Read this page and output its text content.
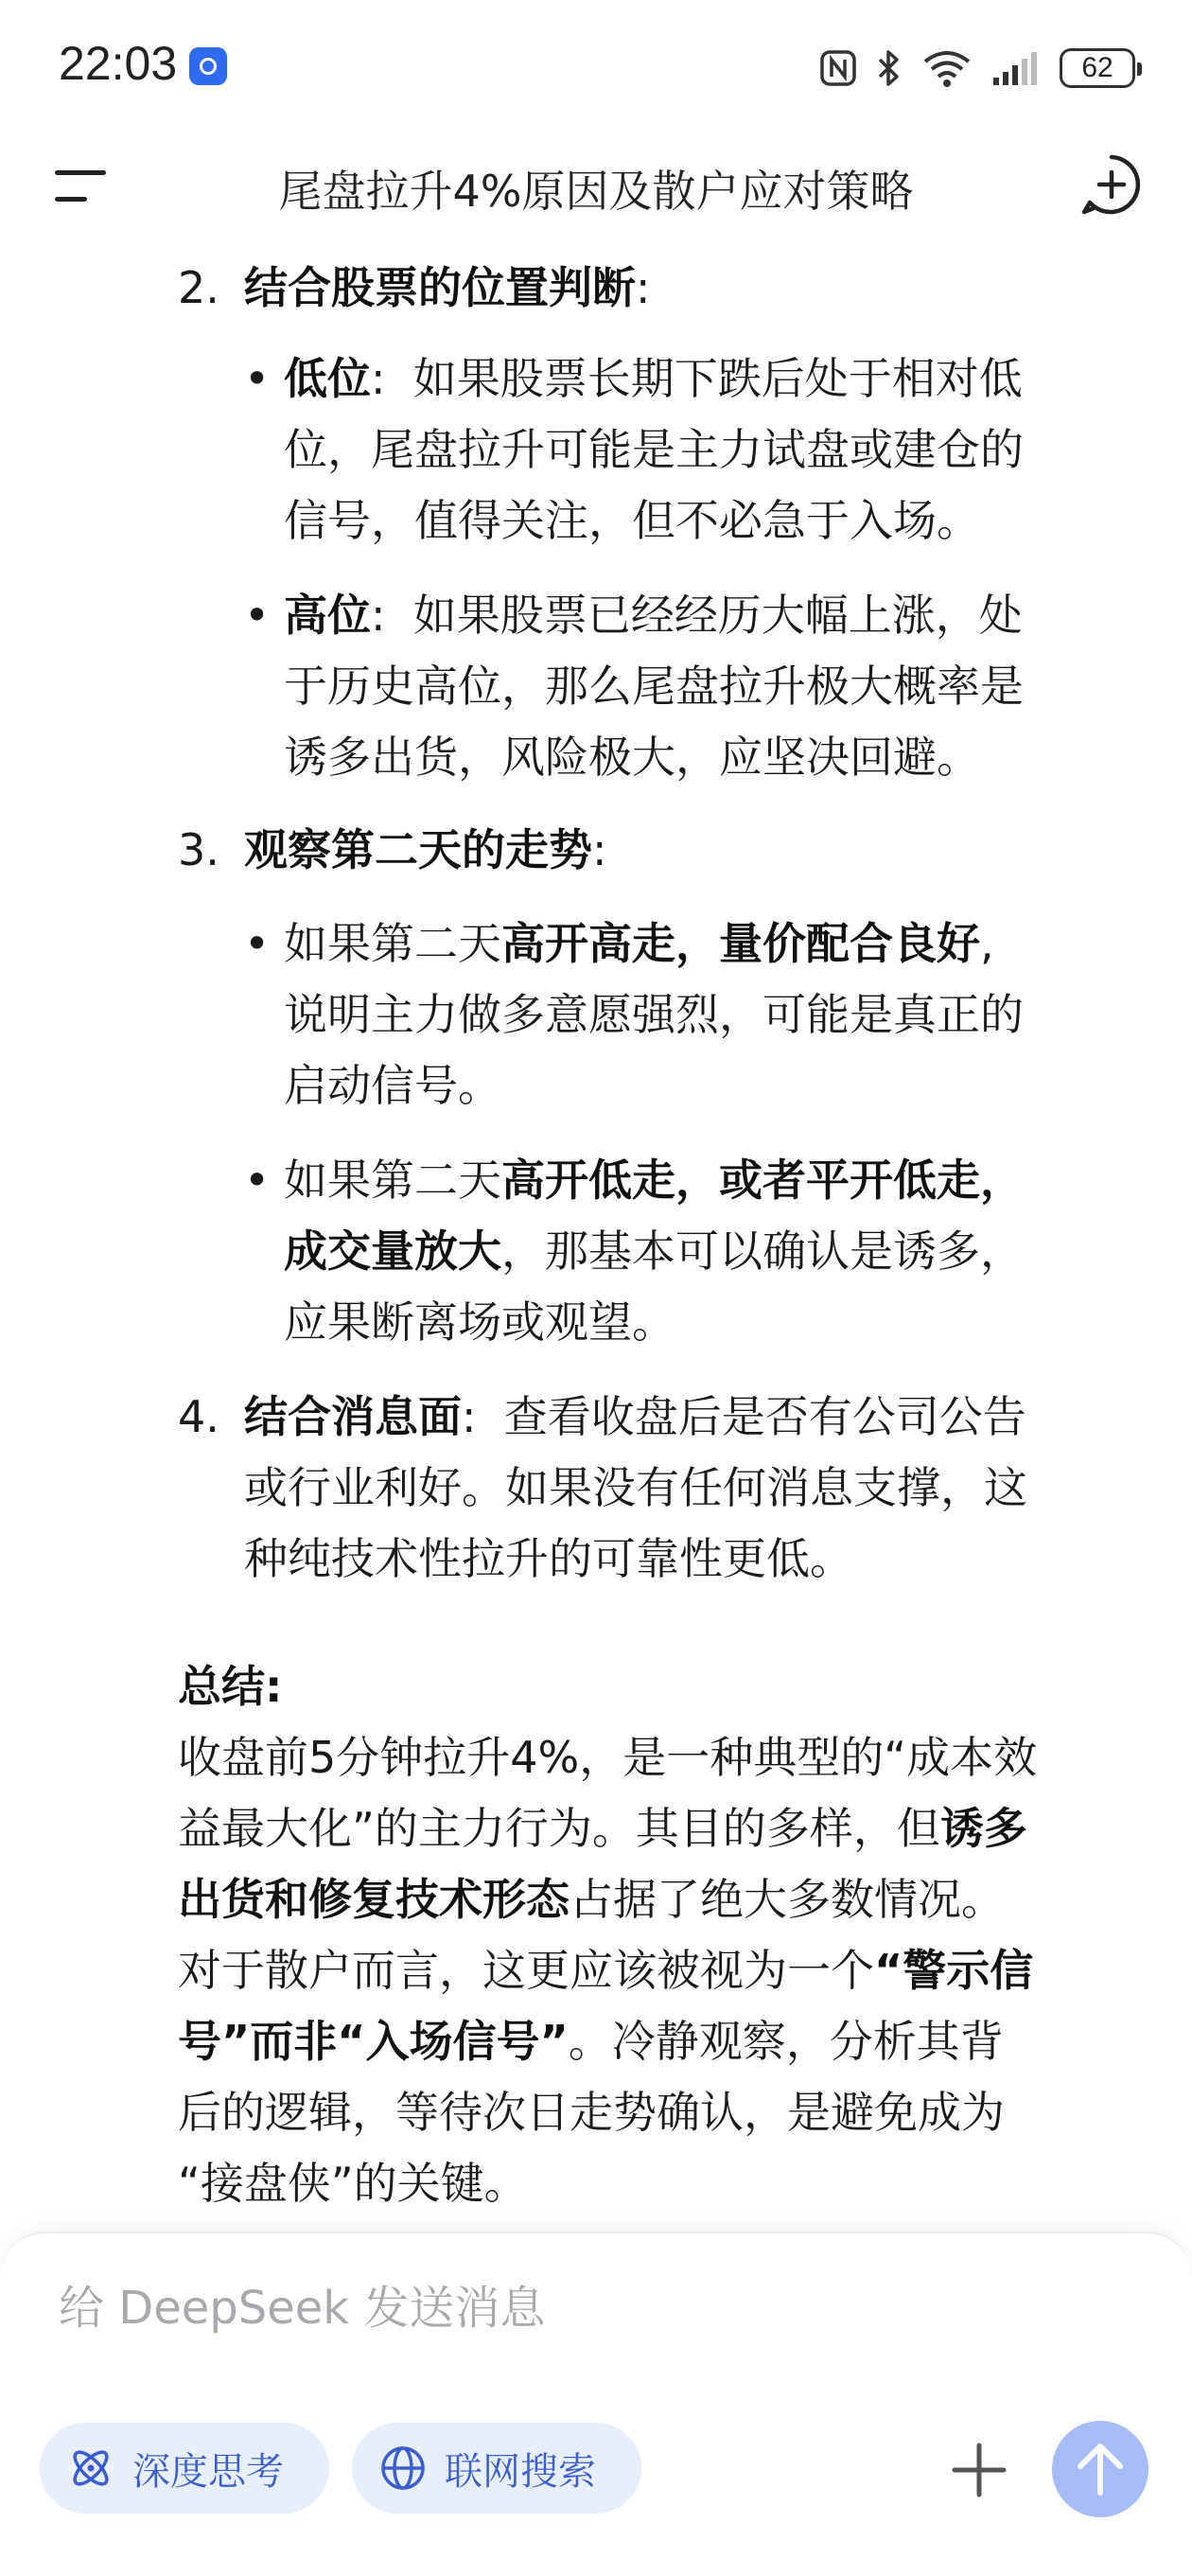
22:03	62
尾盘拉升4%原因及散户应对策略
2. 结合股票的位置判断:
• 低位: 如果股票长期下跌后处于相对低
位，尾盘拉升可能是主力试盘或建仓的
信号，值得关注，但不必急于入场。
• 高位: 如果股票已经经历大幅上涨，处
于历史高位，那么尾盘拉升极大概率是
诱多出货，风险极大，应坚决回避。
3. 观察第二天的走势:
• 如果第二天高开高走，量价配合良好,
说明主力做多意愿强烈，可能是真正的
启动信号。
• 如果第二天高开低走，或者平开低走，
成交量放大，那基本可以确认是诱多，
应果断离场或观望。
4. 结合消息面: 查看收盘后是否有公司公告
或行业利好。如果没有任何消息支撑，这
种纯技术性拉升的可靠性更低。
总结:
收盘前5分钟拉升4%，是一种典型的“成本效
益最大化”的主力行为。其目的多样，但诱多
出货和修复技术形态占据了绝大多数情况。
对于散户而言，这更应该被视为一个“警示信
号”而非“入场信号”。冷静观察，分析其背
后的逻辑，等待次日走势确认，是避免成为
“接盘侠”的关键。
给 DeepSeek 发送消息
深度思考	联网搜索
